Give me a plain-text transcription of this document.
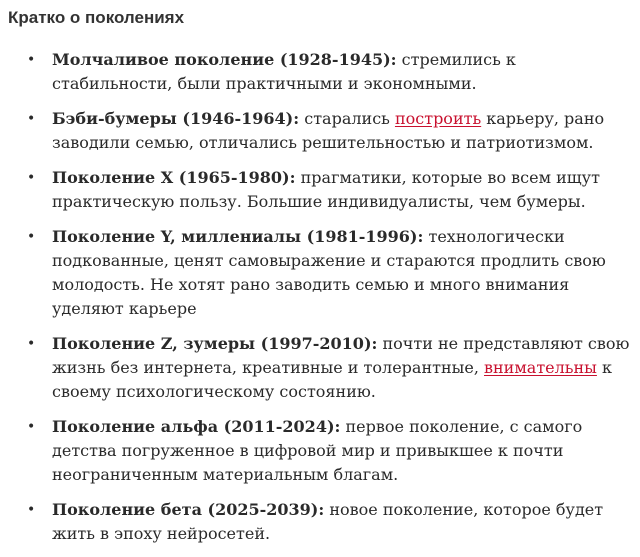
Кратко о поколениях
• Молчаливое поколение (1928-1945): стремились к стабильности, были практичными и экономными.
• Бэби-бумеры (1946-1964): старались построить карьеру, рано заводили семью, отличались решительностью и патриотизмом.
• Поколение X (1965-1980): прагматики, которые во всем ищут практическую пользу. Большие индивидуалисты, чем бумеры.
• Поколение Y, миллениалы (1981-1996): технологически подкованные, ценят самовыражение и стараются продлить свою молодость. Не хотят рано заводить семью и много внимания уделяют карьере
• Поколение Z, зумеры (1997-2010): почти не представляют свою жизнь без интернета, креативные и толерантные, внимательны к своему психологическому состоянию.
• Поколение альфа (2011-2024): первое поколение, с самого детства погруженное в цифровой мир и привыкшее к почти неограниченным материальным благам.
• Поколение бета (2025-2039): новое поколение, которое будет жить в эпоху нейросетей.
